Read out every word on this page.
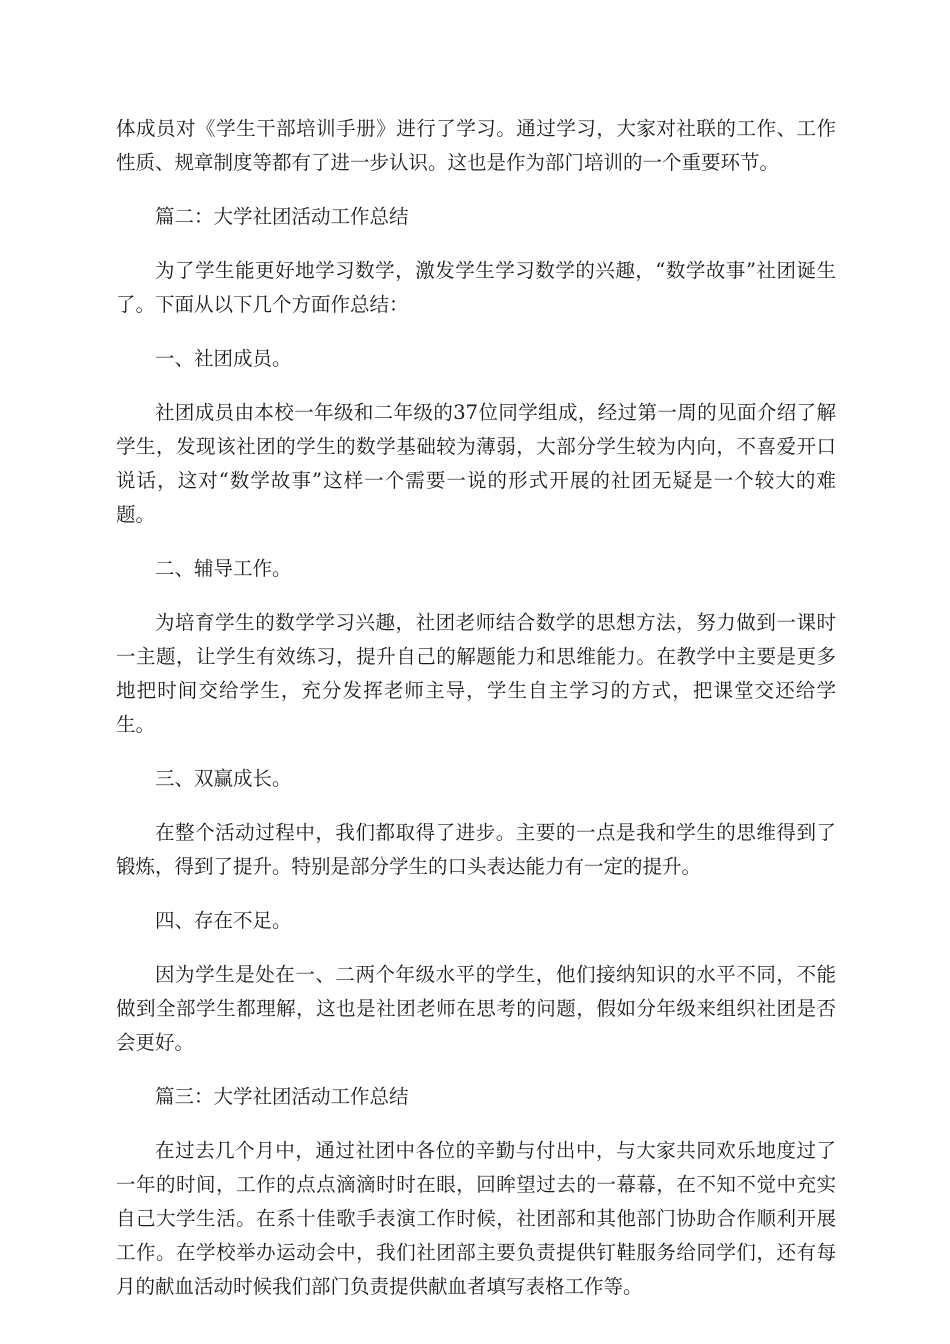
体成员对《学生干部培训手册》进行了学习。通过学习，大家对社联的工作、工作性质、规章制度等都有了进一步认识。这也是作为部门培训的一个重要环节。

篇二：大学社团活动工作总结

为了学生能更好地学习数学，激发学生学习数学的兴趣，“数学故事”社团诞生了。下面从以下几个方面作总结：

一、社团成员。

社团成员由本校一年级和二年级的37位同学组成，经过第一周的见面介绍了解学生，发现该社团的学生的数学基础较为薄弱，大部分学生较为内向，不喜爱开口说话，这对“数学故事”这样一个需要一说的形式开展的社团无疑是一个较大的难题。

二、辅导工作。

为培育学生的数学学习兴趣，社团老师结合数学的思想方法，努力做到一课时一主题，让学生有效练习，提升自己的解题能力和思维能力。在教学中主要是更多地把时间交给学生，充分发挥老师主导，学生自主学习的方式，把课堂交还给学生。

三、双赢成长。

在整个活动过程中，我们都取得了进步。主要的一点是我和学生的思维得到了锻炼，得到了提升。特别是部分学生的口头表达能力有一定的提升。

四、存在不足。

因为学生是处在一、二两个年级水平的学生，他们接纳知识的水平不同，不能做到全部学生都理解，这也是社团老师在思考的问题，假如分年级来组织社团是否会更好。

篇三：大学社团活动工作总结

在过去几个月中，通过社团中各位的辛勤与付出中，与大家共同欢乐地度过了一年的时间，工作的点点滴滴时时在眼，回眸望过去的一幕幕，在不知不觉中充实自己大学生活。在系十佳歌手表演工作时候，社团部和其他部门协助合作顺利开展工作。在学校举办运动会中，我们社团部主要负责提供钉鞋服务给同学们，还有每月的献血活动时候我们部门负责提供献血者填写表格工作等。
